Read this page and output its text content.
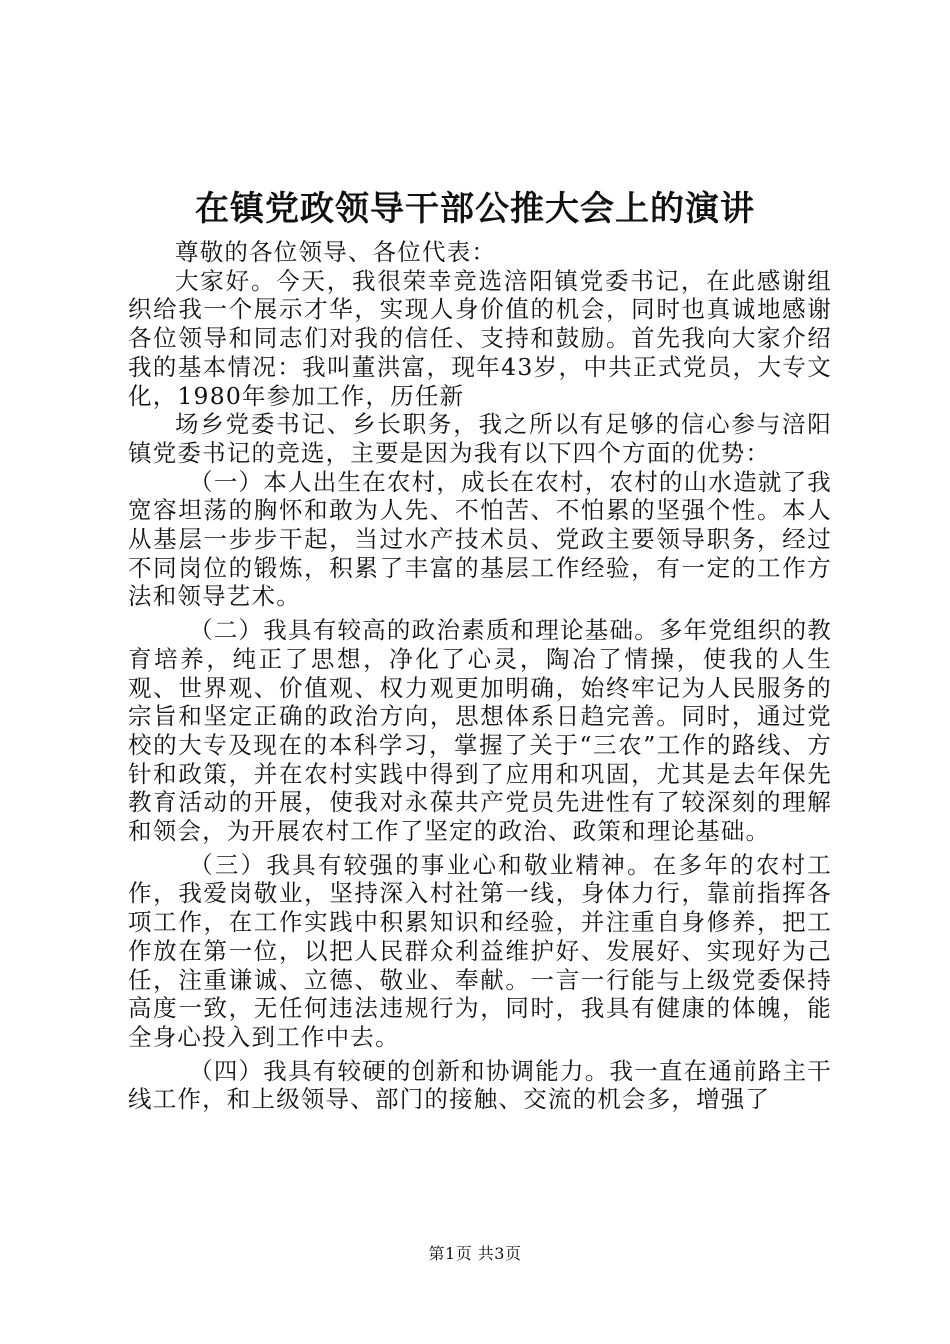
在镇党政领导干部公推大会上的演讲

尊敬的各位领导、各位代表：

大家好。今天，我很荣幸竞选涪阳镇党委书记，在此感谢组织给我一个展示才华，实现人身价值的机会，同时也真诚地感谢各位领导和同志们对我的信任、支持和鼓励。首先我向大家介绍我的基本情况：我叫董洪富，现年43岁，中共正式党员，大专文化，1980年参加工作，历任新

场乡党委书记、乡长职务，我之所以有足够的信心参与涪阳镇党委书记的竞选，主要是因为我有以下四个方面的优势：

（一）本人出生在农村，成长在农村，农村的山水造就了我宽容坦荡的胸怀和敢为人先、不怕苦、不怕累的坚强个性。本人从基层一步步干起，当过水产技术员、党政主要领导职务，经过不同岗位的锻炼，积累了丰富的基层工作经验，有一定的工作方法和领导艺术。

（二）我具有较高的政治素质和理论基础。多年党组织的教育培养，纯正了思想，净化了心灵，陶冶了情操，使我的人生观、世界观、价值观、权力观更加明确，始终牢记为人民服务的宗旨和坚定正确的政治方向，思想体系日趋完善。同时，通过党校的大专及现在的本科学习，掌握了关于“三农”工作的路线、方针和政策，并在农村实践中得到了应用和巩固，尤其是去年保先教育活动的开展，使我对永葆共产党员先进性有了较深刻的理解和领会，为开展农村工作了坚定的政治、政策和理论基础。

（三）我具有较强的事业心和敬业精神。在多年的农村工作，我爱岗敬业，坚持深入村社第一线，身体力行，靠前指挥各项工作，在工作实践中积累知识和经验，并注重自身修养，把工作放在第一位，以把人民群众利益维护好、发展好、实现好为己任，注重谦诚、立德、敬业、奉献。一言一行能与上级党委保持高度一致，无任何违法违规行为，同时，我具有健康的体魄，能全身心投入到工作中去。

（四）我具有较硬的创新和协调能力。我一直在通前路主干线工作，和上级领导、部门的接触、交流的机会多，增强了

第1页 共3页
